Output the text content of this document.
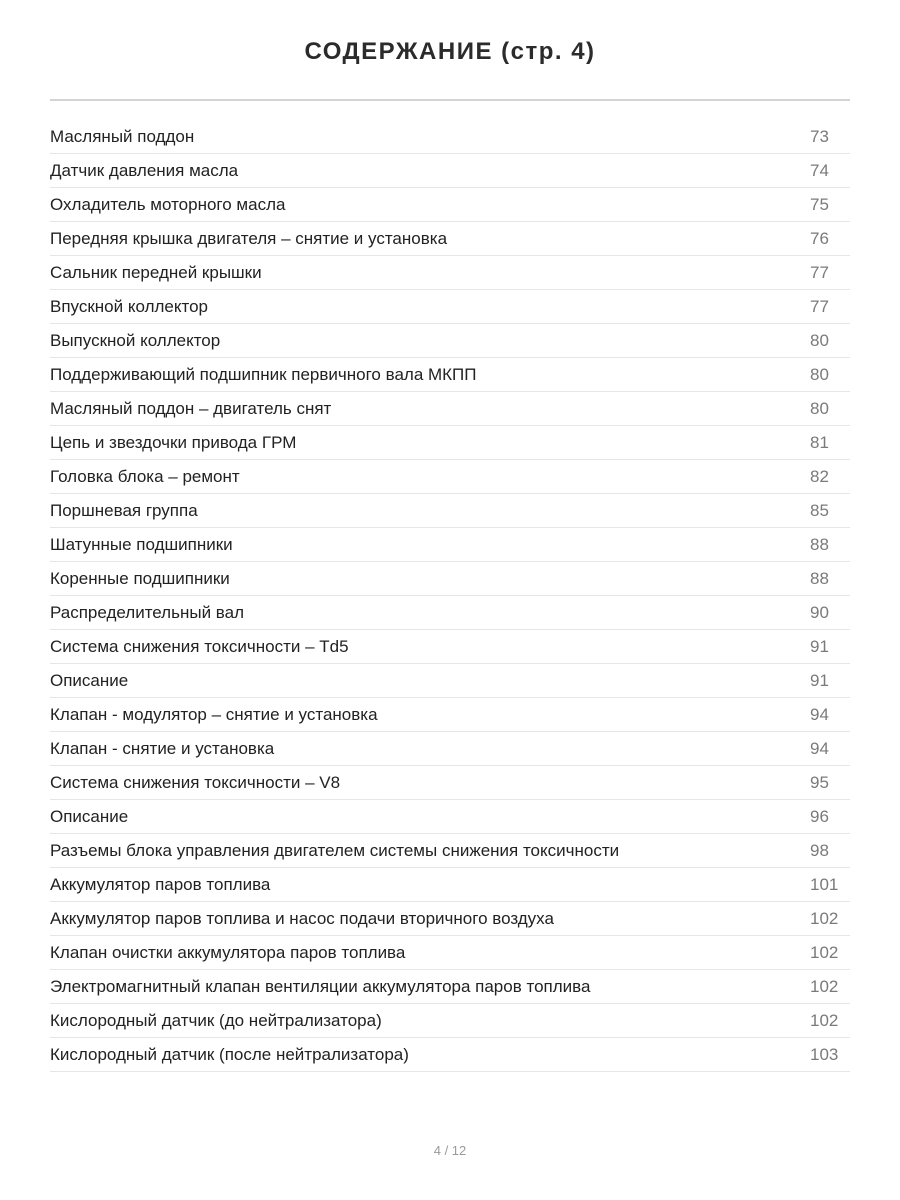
СОДЕРЖАНИЕ (стр. 4)
Масляный поддон	73
Датчик давления масла	74
Охладитель моторного масла	75
Передняя крышка двигателя – снятие и установка	76
Сальник передней крышки	77
Впускной коллектор	77
Выпускной коллектор	80
Поддерживающий подшипник первичного вала МКПП	80
Масляный поддон – двигатель снят	80
Цепь и звездочки привода ГРМ	81
Головка блока – ремонт	82
Поршневая группа	85
Шатунные подшипники	88
Коренные подшипники	88
Распределительный вал	90
Система снижения токсичности – Td5	91
Описание	91
Клапан - модулятор – снятие и установка	94
Клапан - снятие и установка	94
Система снижения токсичности – V8	95
Описание	96
Разъемы блока управления двигателем системы снижения токсичности	98
Аккумулятор паров топлива	101
Аккумулятор паров топлива и насос подачи вторичного воздуха	102
Клапан очистки аккумулятора паров топлива	102
Электромагнитный клапан вентиляции аккумулятора паров топлива	102
Кислородный датчик (до нейтрализатора)	102
Кислородный датчик (после нейтрализатора)	103

4 / 12
